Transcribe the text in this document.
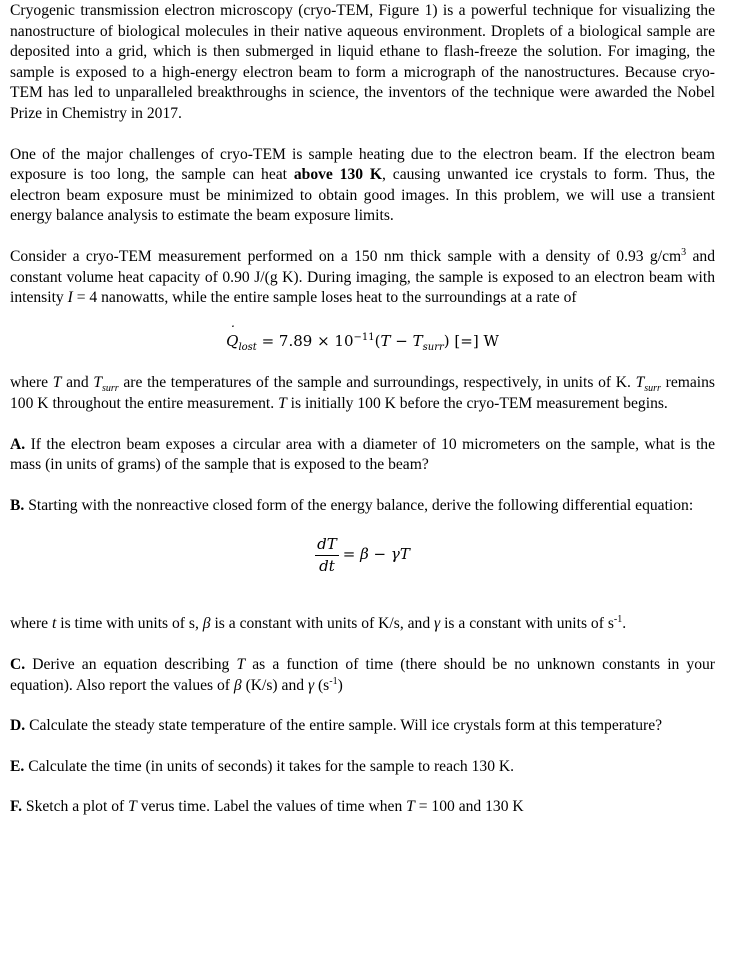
Cryogenic transmission electron microscopy (cryo-TEM, Figure 1) is a powerful technique for visualizing the nanostructure of biological molecules in their native aqueous environment. Droplets of a biological sample are deposited into a grid, which is then submerged in liquid ethane to flash-freeze the solution. For imaging, the sample is exposed to a high-energy electron beam to form a micrograph of the nanostructures. Because cryo-TEM has led to unparalleled breakthroughs in science, the inventors of the technique were awarded the Nobel Prize in Chemistry in 2017.

One of the major challenges of cryo-TEM is sample heating due to the electron beam. If the electron beam exposure is too long, the sample can heat above 130 K, causing unwanted ice crystals to form. Thus, the electron beam exposure must be minimized to obtain good images. In this problem, we will use a transient energy balance analysis to estimate the beam exposure limits.

Consider a cryo-TEM measurement performed on a 150 nm thick sample with a density of 0.93 $g/cm^3$ and constant volume heat capacity of 0.90 J/(g K). During imaging, the sample is exposed to an electron beam with intensity I = 4 nanowatts, while the entire sample loses heat to the surroundings at a rate of

˙ $Q_{lost} = 7.89 \times 10^{-11}(T - T_{surr})$ [=] W

where T and $T_{surr}$ are the temperatures of the sample and surroundings, respectively, in units of K. $T_{surr}$ remains 100 K throughout the entire measurement. T is initially 100 K before the cryo-TEM measurement begins.

A. If the electron beam exposes a circular area with a diameter of 10 micrometers on the sample, what is the mass (in units of grams) of the sample that is exposed to the beam?

B. Starting with the nonreactive closed form of the energy balance, derive the following differential equation:

$\frac{dT}{dt} = \beta - \gamma T$

where t is time with units of s, β is a constant with units of K/s, and γ is a constant with units of $s^{-1}$.

C. Derive an equation describing T as a function of time (there should be no unknown constants in your equation). Also report the values of β (K/s) and γ $(s^{-1})$

D. Calculate the steady state temperature of the entire sample. Will ice crystals form at this temperature?

E. Calculate the time (in units of seconds) it takes for the sample to reach 130 K.

F. Sketch a plot of T verus time. Label the values of time when T = 100 and 130 K
